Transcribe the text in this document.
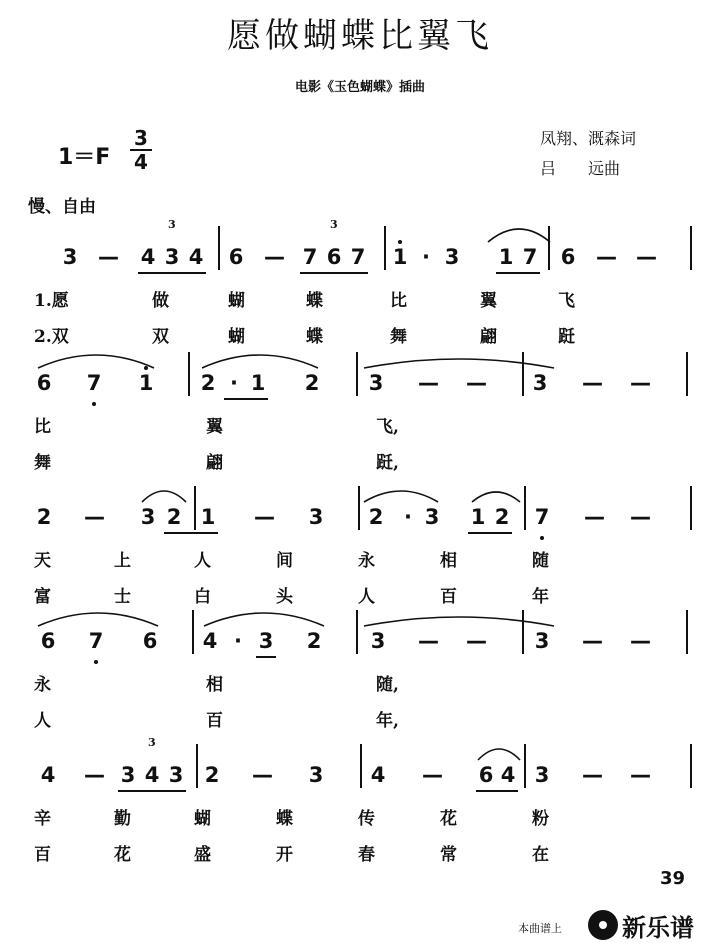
愿做蝴蝶比翼飞
电影《玉色蝴蝶》插曲
1＝F
3
4
凤翔、溉森词
吕　　远曲
慢、自由
3 — 4 3 4 6 — 7 6 7 1 · 3 1 7 6 — —
3	3
1.愿	做	蝴	蝶	比	翼	飞
2.双	双	蝴	蝶	舞	翩	跹
6 7 1 2 · 1 2 3 — — 3 — —
比	翼	飞,
舞	翩	跹,
2 — 3 2 1 — 3 2 · 3 1 2 7 — —
天	上	人	间	永	相	随
富	士	白	头	人	百	年
6 7 6 4 · 3 2 3 — — 3 — —
永	相	随,
人	百	年,
4 — 3 4 3 2 — 3 4 — 6 4 3 — —
3
辛	勤	蝴	蝶	传	花	粉
百	花	盛	开	春	常	在
39
本曲谱上	新乐谱
